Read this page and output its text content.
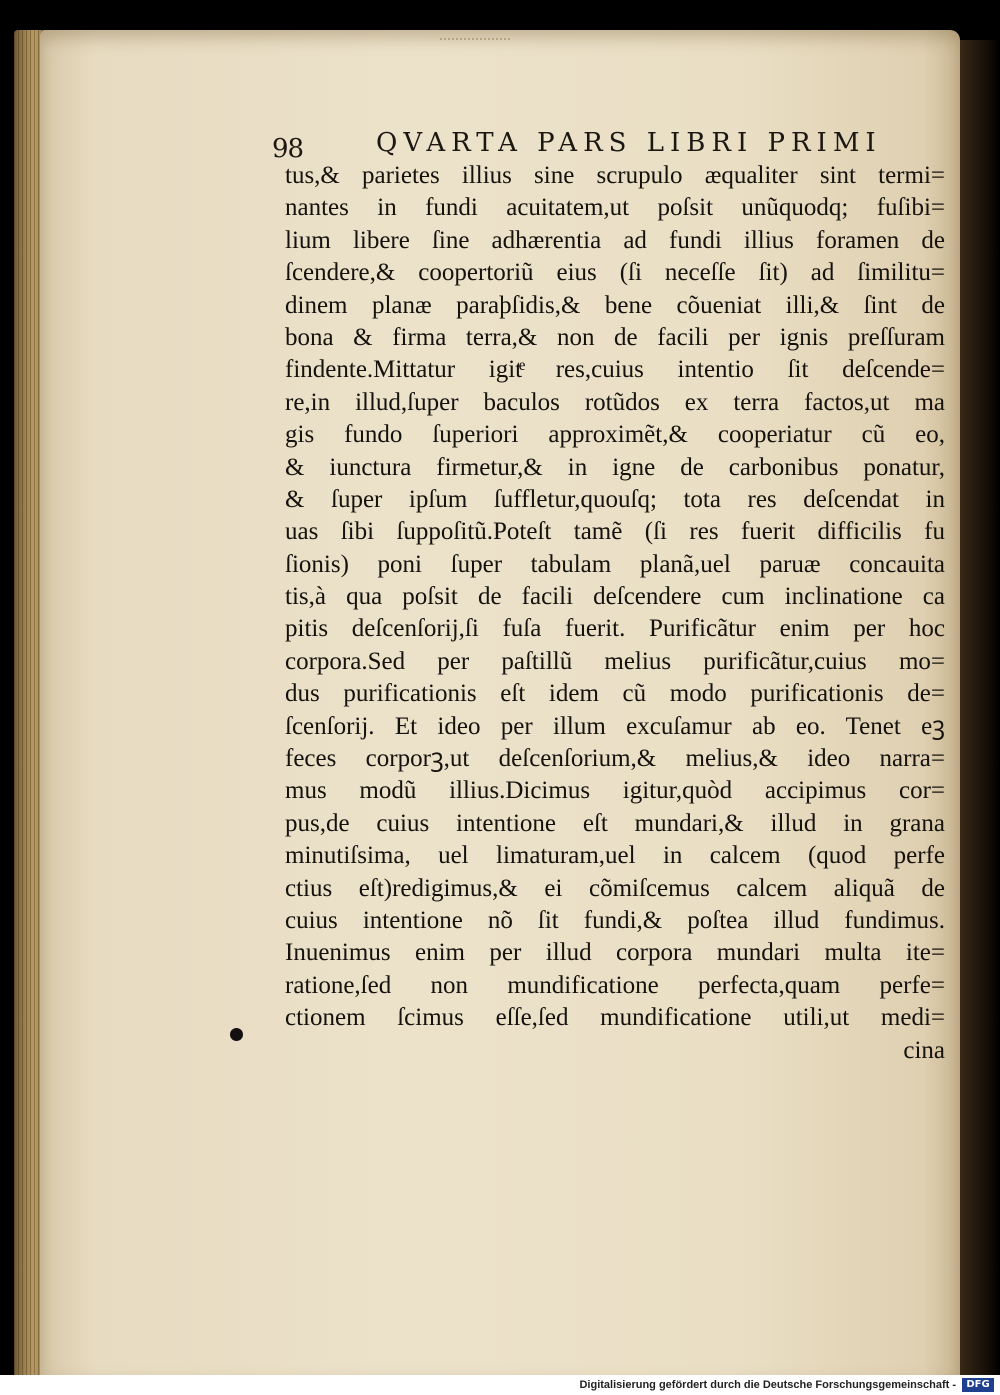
98	QVARTA PARS LIBRI PRIMI
tus,& parietes illius sine scrupulo æqualiter sint termi=
nantes in fundi acuitatem,ut poſsit unũquodq; fuſibi=
lium libere ſine adhærentia ad fundi illius foramen de
ſcendere,& coopertoriũ eius (ſi neceſſe ſit) ad ſimilitu=
dinem planæ paraþſidis,& bene cõueniat illi,& ſint de
bona & firma terra,& non de facili per ignis preſſuram
findente.Mittatur igitͤ res,cuius intentio ſit deſcende=
re,in illud,ſuper baculos rotũdos ex terra factos,ut ma
gis fundo ſuperiori approximẽt,& cooperiatur cũ eo,
& iunctura firmetur,& in igne de carbonibus ponatur,
& ſuper ipſum ſuffletur,quouſq; tota res deſcendat in
uas ſibi ſuppoſitũ.Poteſt tamẽ (ſi res fuerit difficilis fu
ſionis) poni ſuper tabulam planã,uel paruæ concauita
tis,à qua poſsit de facili deſcendere cum inclinatione ca
pitis deſcenſorij,ſi fuſa fuerit. Purificãtur enim per hoc
corpora.Sed per paſtillũ melius purificãtur,cuius mo=
dus purificationis eſt idem cũ modo purificationis de=
ſcenſorij. Et ideo per illum excuſamur ab eo. Tenet eꝫ
feces corporꝫ,ut deſcenſorium,& melius,& ideo narra=
mus modũ illius.Dicimus igitur,quòd accipimus cor=
pus,de cuius intentione eſt mundari,& illud in grana
minutiſsima, uel limaturam,uel in calcem (quod perfe
ctius eſt)redigimus,& ei cõmiſcemus calcem aliquã de
cuius intentione nõ ſit fundi,& poſtea illud fundimus.
Inuenimus enim per illud corpora mundari multa ite=
ratione,ſed non mundificatione perfecta,quam perfe=
ctionem ſcimus eſſe,ſed mundificatione utili,ut medi=
cina
Digitalisierung gefördert durch die Deutsche Forschungsgemeinschaft -	DFG
